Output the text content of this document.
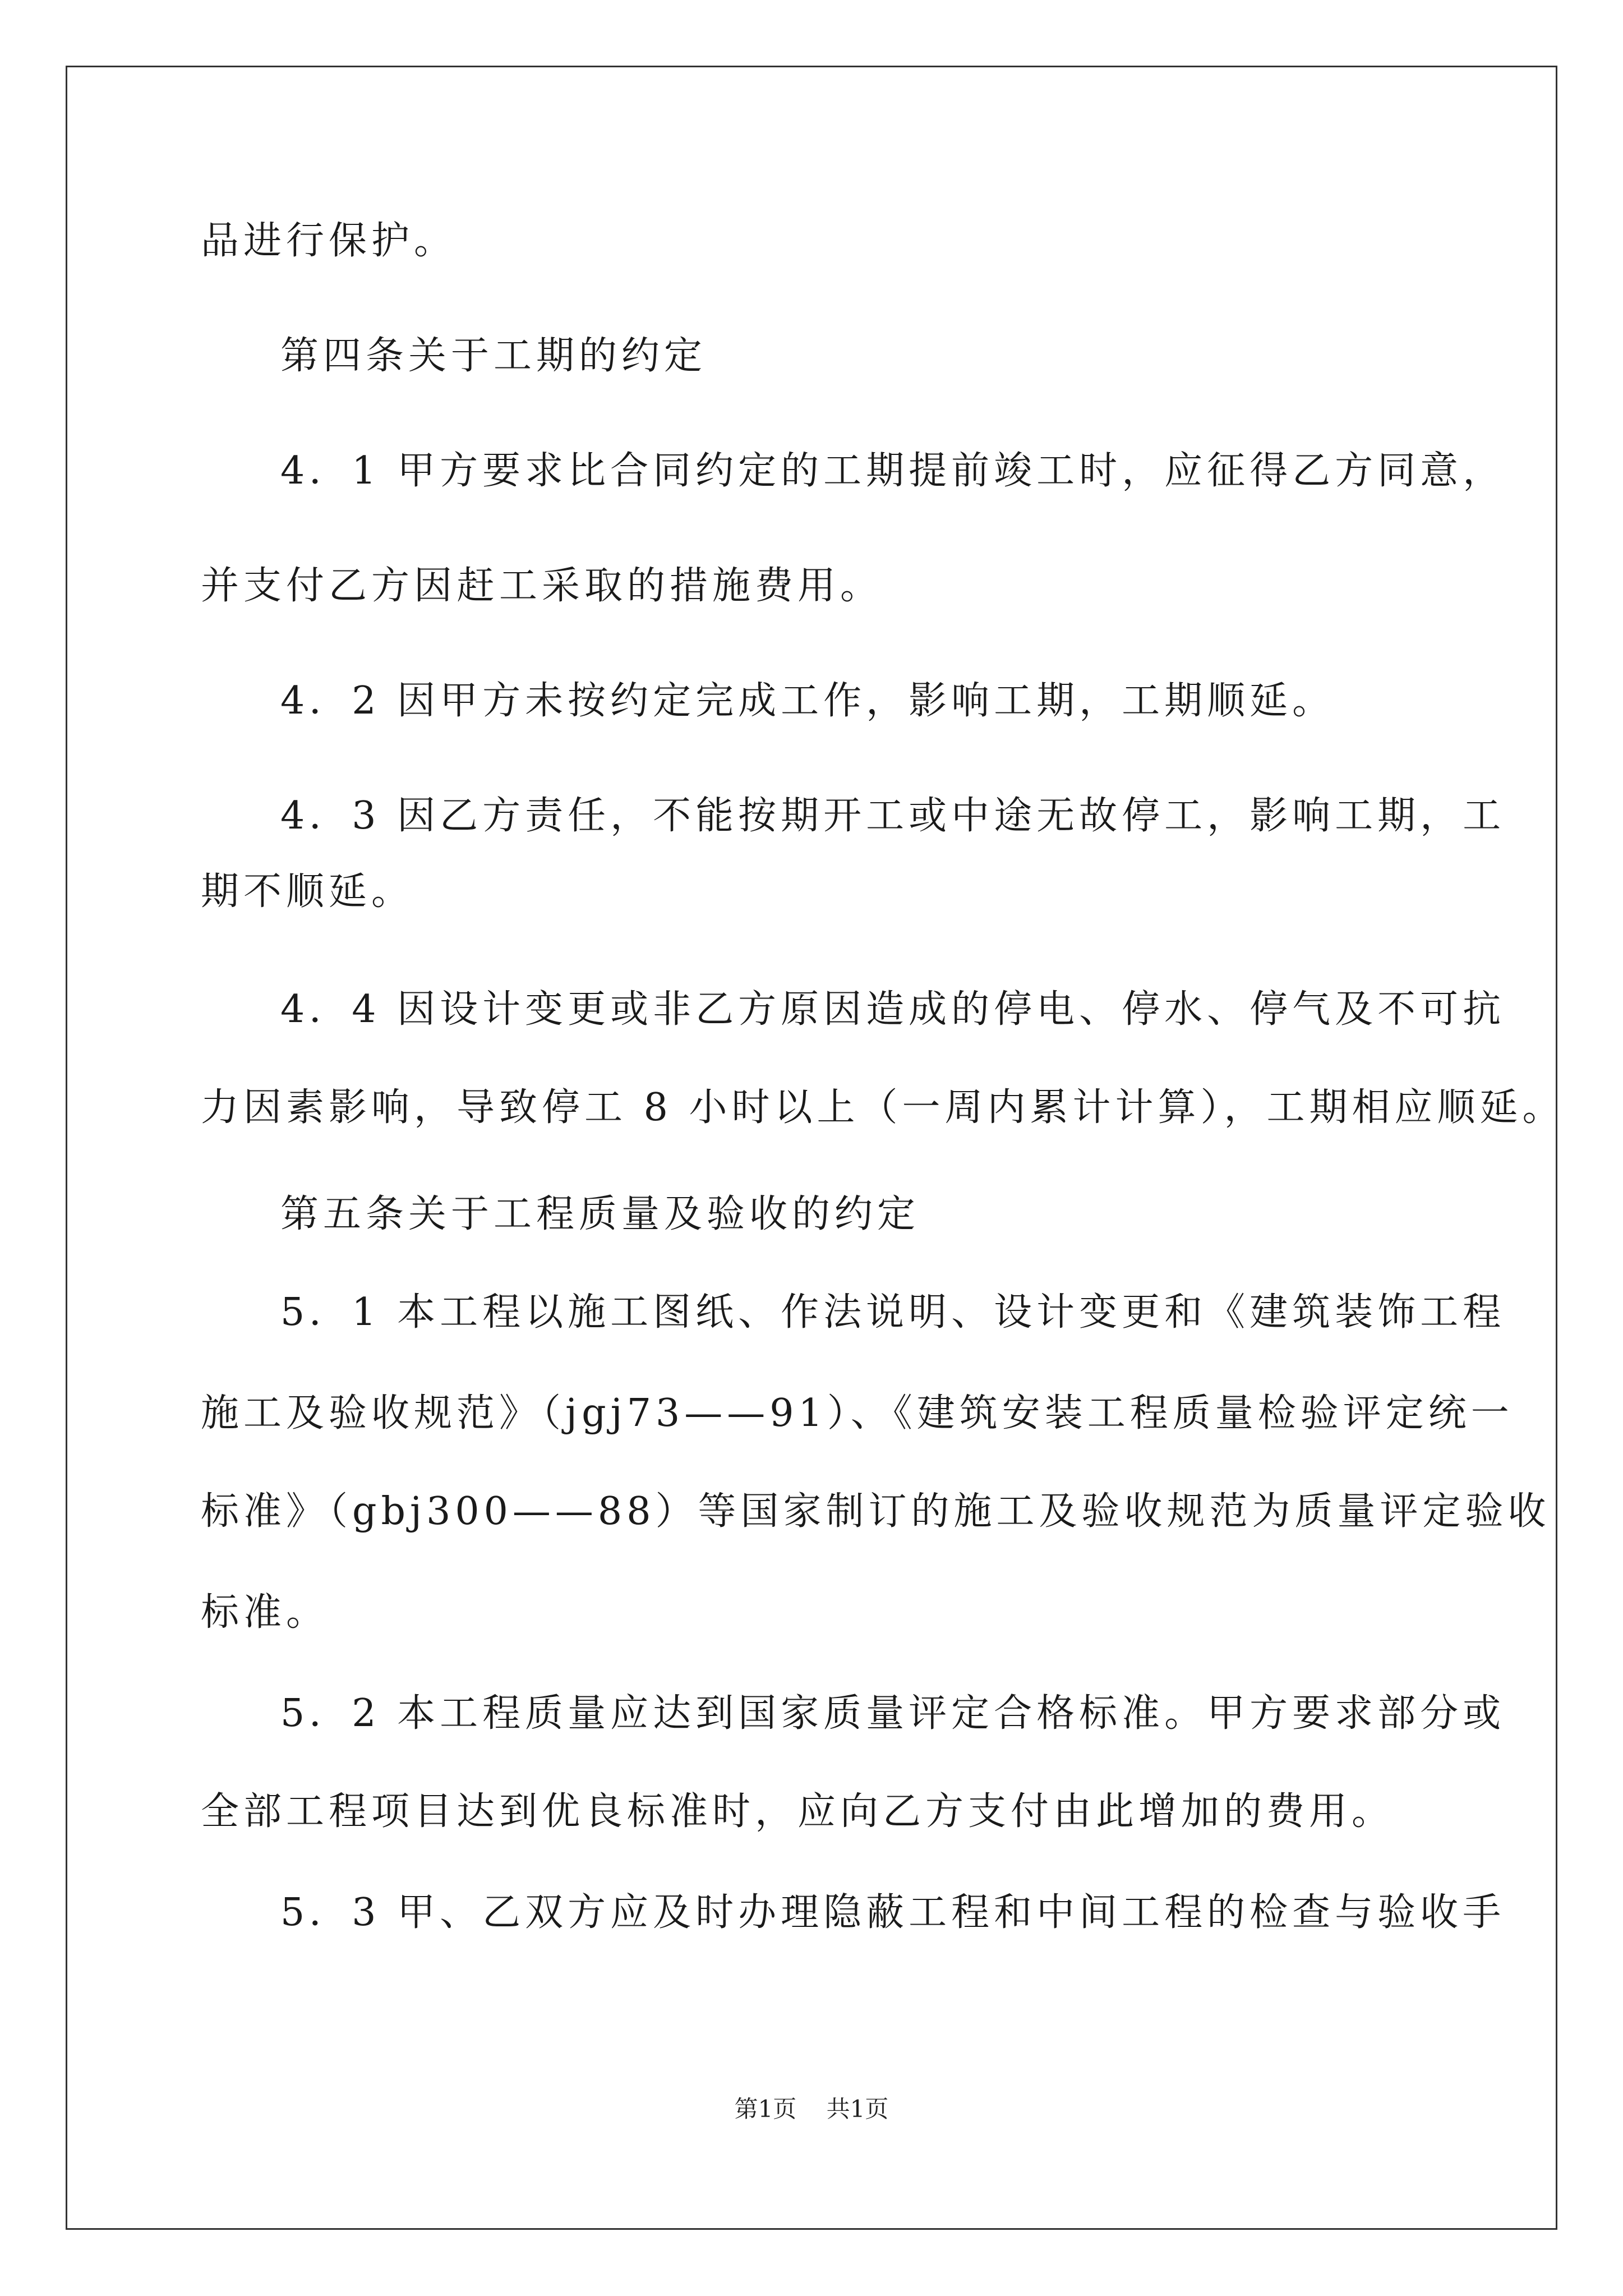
品进行保护。
第四条关于工期的约定
4．1 甲方要求比合同约定的工期提前竣工时，应征得乙方同意，
并支付乙方因赶工采取的措施费用。
4．2 因甲方未按约定完成工作，影响工期，工期顺延。
4．3 因乙方责任，不能按期开工或中途无故停工，影响工期，工
期不顺延。
4．4 因设计变更或非乙方原因造成的停电、停水、停气及不可抗
力因素影响，导致停工 8 小时以上（一周内累计计算），工期相应顺延。
第五条关于工程质量及验收的约定
5．1 本工程以施工图纸、作法说明、设计变更和《建筑装饰工程
施工及验收规范》（jgj73——91）、《建筑安装工程质量检验评定统一
标准》（gbj300——88）等国家制订的施工及验收规范为质量评定验收
标准。
5．2 本工程质量应达到国家质量评定合格标准。甲方要求部分或
全部工程项目达到优良标准时，应向乙方支付由此增加的费用。
5．3 甲、乙双方应及时办理隐蔽工程和中间工程的检查与验收手
第1页 共1页
